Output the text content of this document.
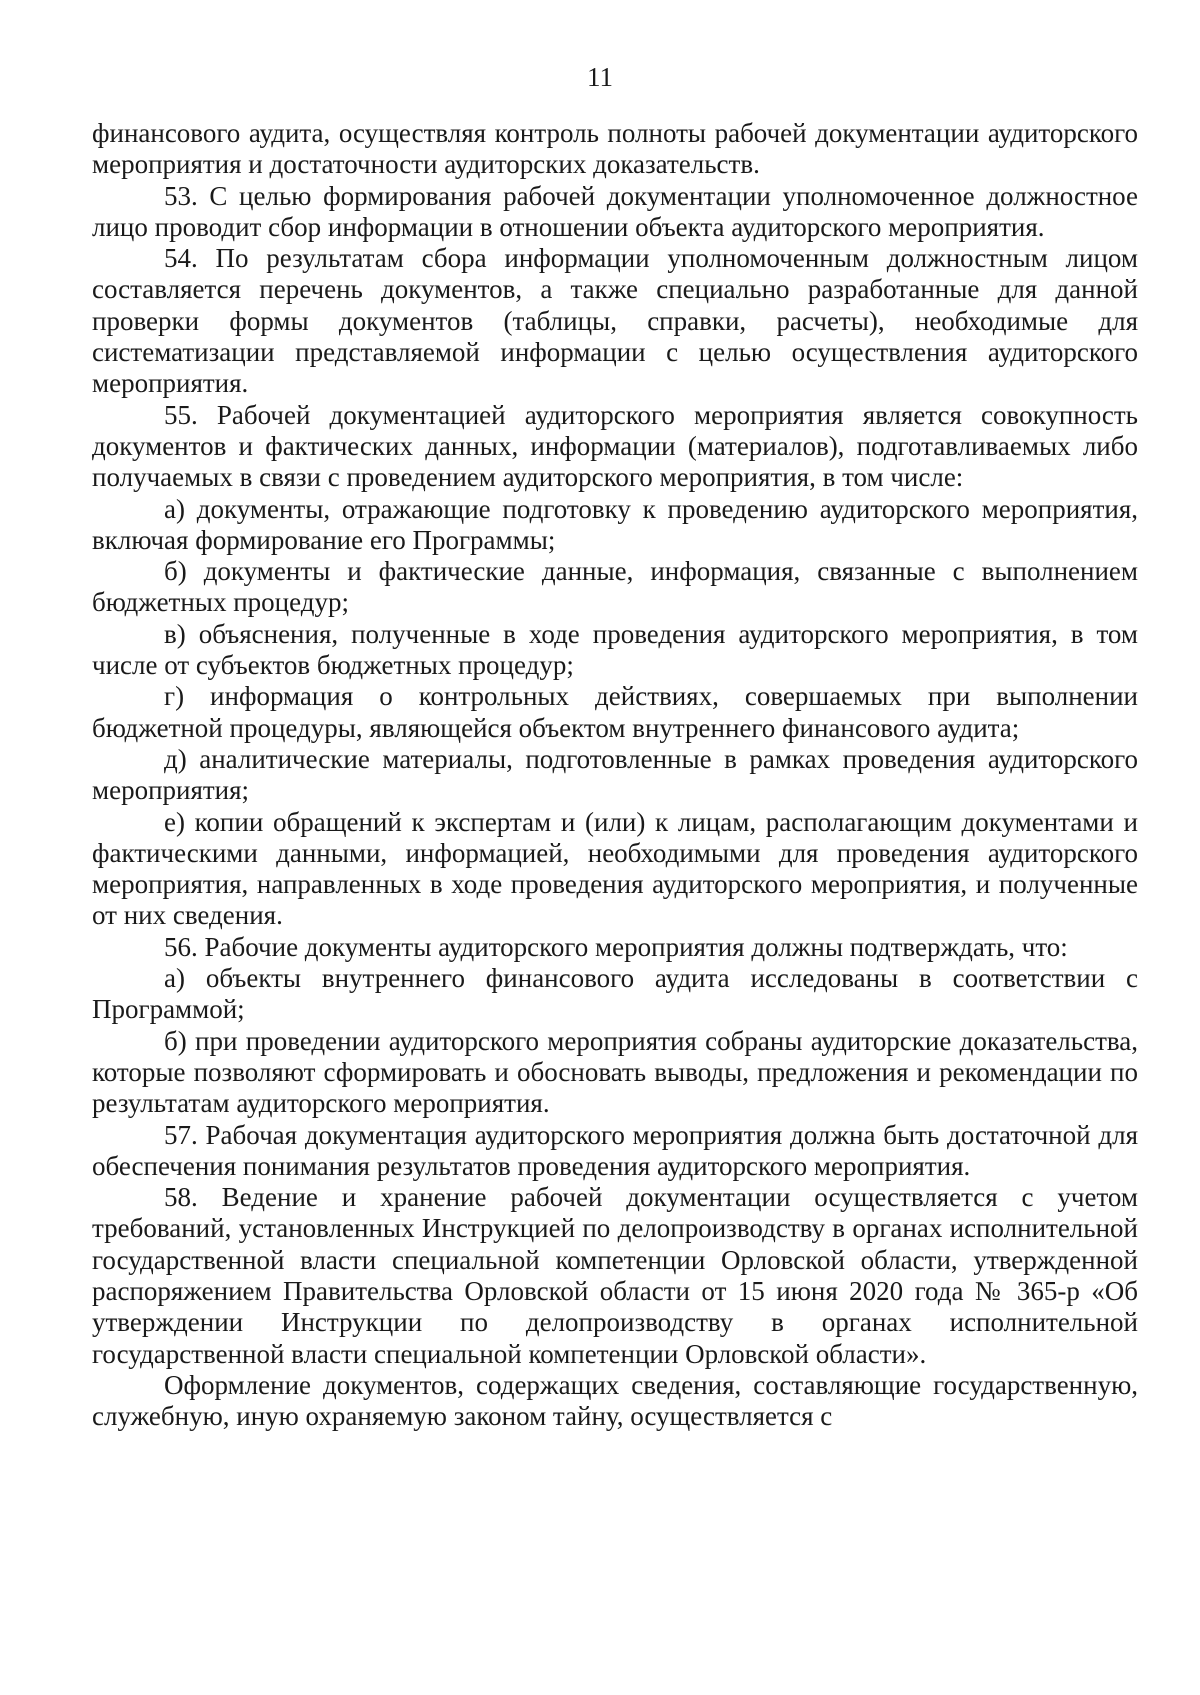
11

финансового аудита, осуществляя контроль полноты рабочей документации аудиторского мероприятия и достаточности аудиторских доказательств.

53. С целью формирования рабочей документации уполномоченное должностное лицо проводит сбор информации в отношении объекта аудиторского мероприятия.

54. По результатам сбора информации уполномоченным должностным лицом составляется перечень документов, а также специально разработанные для данной проверки формы документов (таблицы, справки, расчеты), необходимые для систематизации представляемой информации с целью осуществления аудиторского мероприятия.

55. Рабочей документацией аудиторского мероприятия является совокупность документов и фактических данных, информации (материалов), подготавливаемых либо получаемых в связи с проведением аудиторского мероприятия, в том числе:

а) документы, отражающие подготовку к проведению аудиторского мероприятия, включая формирование его Программы;

б) документы и фактические данные, информация, связанные с выполнением бюджетных процедур;

в) объяснения, полученные в ходе проведения аудиторского мероприятия, в том числе от субъектов бюджетных процедур;

г) информация о контрольных действиях, совершаемых при выполнении бюджетной процедуры, являющейся объектом внутреннего финансового аудита;

д) аналитические материалы, подготовленные в рамках проведения аудиторского мероприятия;

е) копии обращений к экспертам и (или) к лицам, располагающим документами и фактическими данными, информацией, необходимыми для проведения аудиторского мероприятия, направленных в ходе проведения аудиторского мероприятия, и полученные от них сведения.

56. Рабочие документы аудиторского мероприятия должны подтверждать, что:

а) объекты внутреннего финансового аудита исследованы в соответствии с Программой;

б) при проведении аудиторского мероприятия собраны аудиторские доказательства, которые позволяют сформировать и обосновать выводы, предложения и рекомендации по результатам аудиторского мероприятия.

57. Рабочая документация аудиторского мероприятия должна быть достаточной для обеспечения понимания результатов проведения аудиторского мероприятия.

58. Ведение и хранение рабочей документации осуществляется с учетом требований, установленных Инструкцией по делопроизводству в органах исполнительной государственной власти специальной компетенции Орловской области, утвержденной распоряжением Правительства Орловской области от 15 июня 2020 года № 365-р «Об утверждении Инструкции по делопроизводству в органах исполнительной государственной власти специальной компетенции Орловской области».

Оформление документов, содержащих сведения, составляющие государственную, служебную, иную охраняемую законом тайну, осуществляется с
